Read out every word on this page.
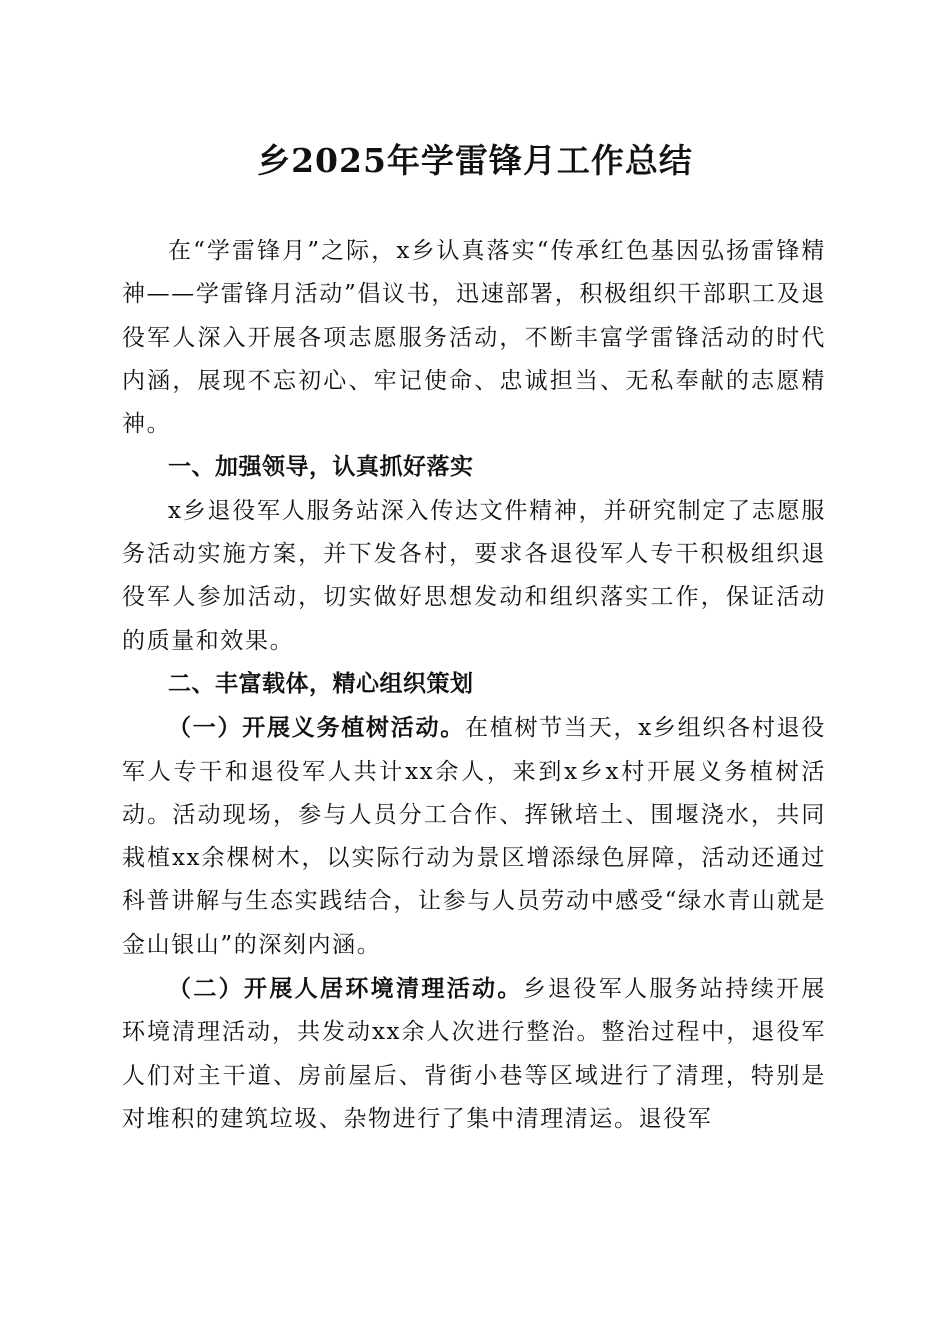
乡2025年学雷锋月工作总结

在“学雷锋月”之际，x乡认真落实“传承红色基因弘扬雷锋精神——学雷锋月活动”倡议书，迅速部署，积极组织干部职工及退役军人深入开展各项志愿服务活动，不断丰富学雷锋活动的时代内涵，展现不忘初心、牢记使命、忠诚担当、无私奉献的志愿精神。

一、加强领导，认真抓好落实

x乡退役军人服务站深入传达文件精神，并研究制定了志愿服务活动实施方案，并下发各村，要求各退役军人专干积极组织退役军人参加活动，切实做好思想发动和组织落实工作，保证活动的质量和效果。

二、丰富载体，精心组织策划

（一）开展义务植树活动。在植树节当天，x乡组织各村退役军人专干和退役军人共计xx余人，来到x乡x村开展义务植树活动。活动现场，参与人员分工合作、挥锹培土、围堰浇水，共同栽植xx余棵树木，以实际行动为景区增添绿色屏障，活动还通过科普讲解与生态实践结合，让参与人员劳动中感受“绿水青山就是金山银山”的深刻内涵。

（二）开展人居环境清理活动。乡退役军人服务站持续开展环境清理活动，共发动xx余人次进行整治。整治过程中，退役军人们对主干道、房前屋后、背街小巷等区域进行了清理，特别是对堆积的建筑垃圾、杂物进行了集中清理清运。退役军
